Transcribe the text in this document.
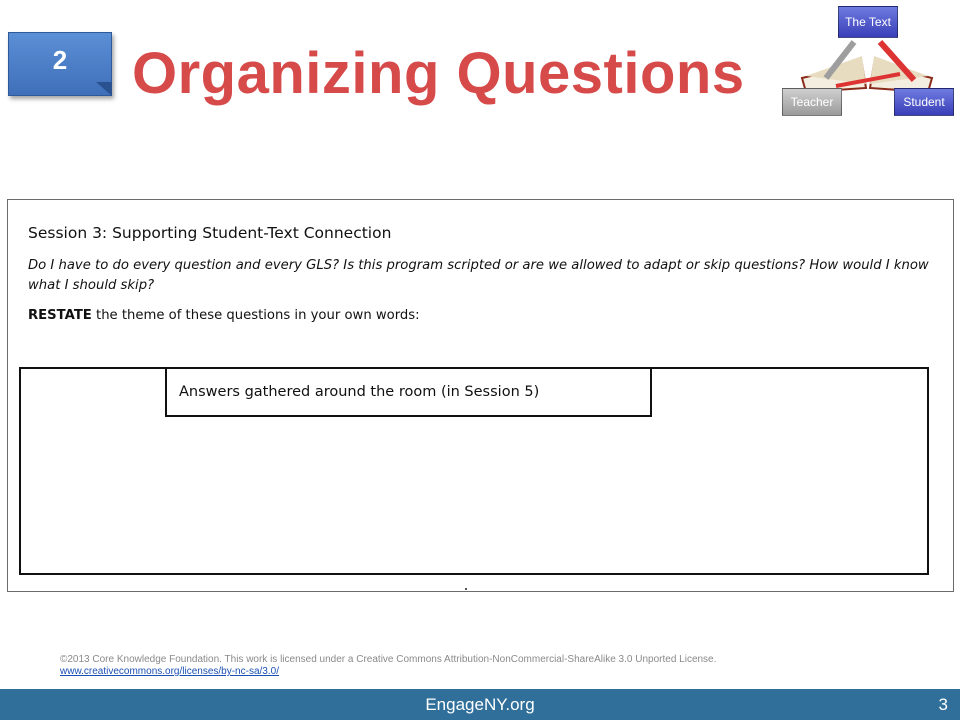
2 Organizing Questions
The Text
Teacher	Student
Session 3: Supporting Student-Text Connection
Do I have to do every question and every GLS? Is this program scripted or are we allowed to adapt or skip questions? How would I know what I should skip?
RESTATE the theme of these questions in your own words:
Answers gathered around the room (in Session 5)
©2013 Core Knowledge Foundation. This work is licensed under a Creative Commons Attribution-NonCommercial-ShareAlike 3.0 Unported License.
www.creativecommons.org/licenses/by-nc-sa/3.0/
EngageNY.org	3
